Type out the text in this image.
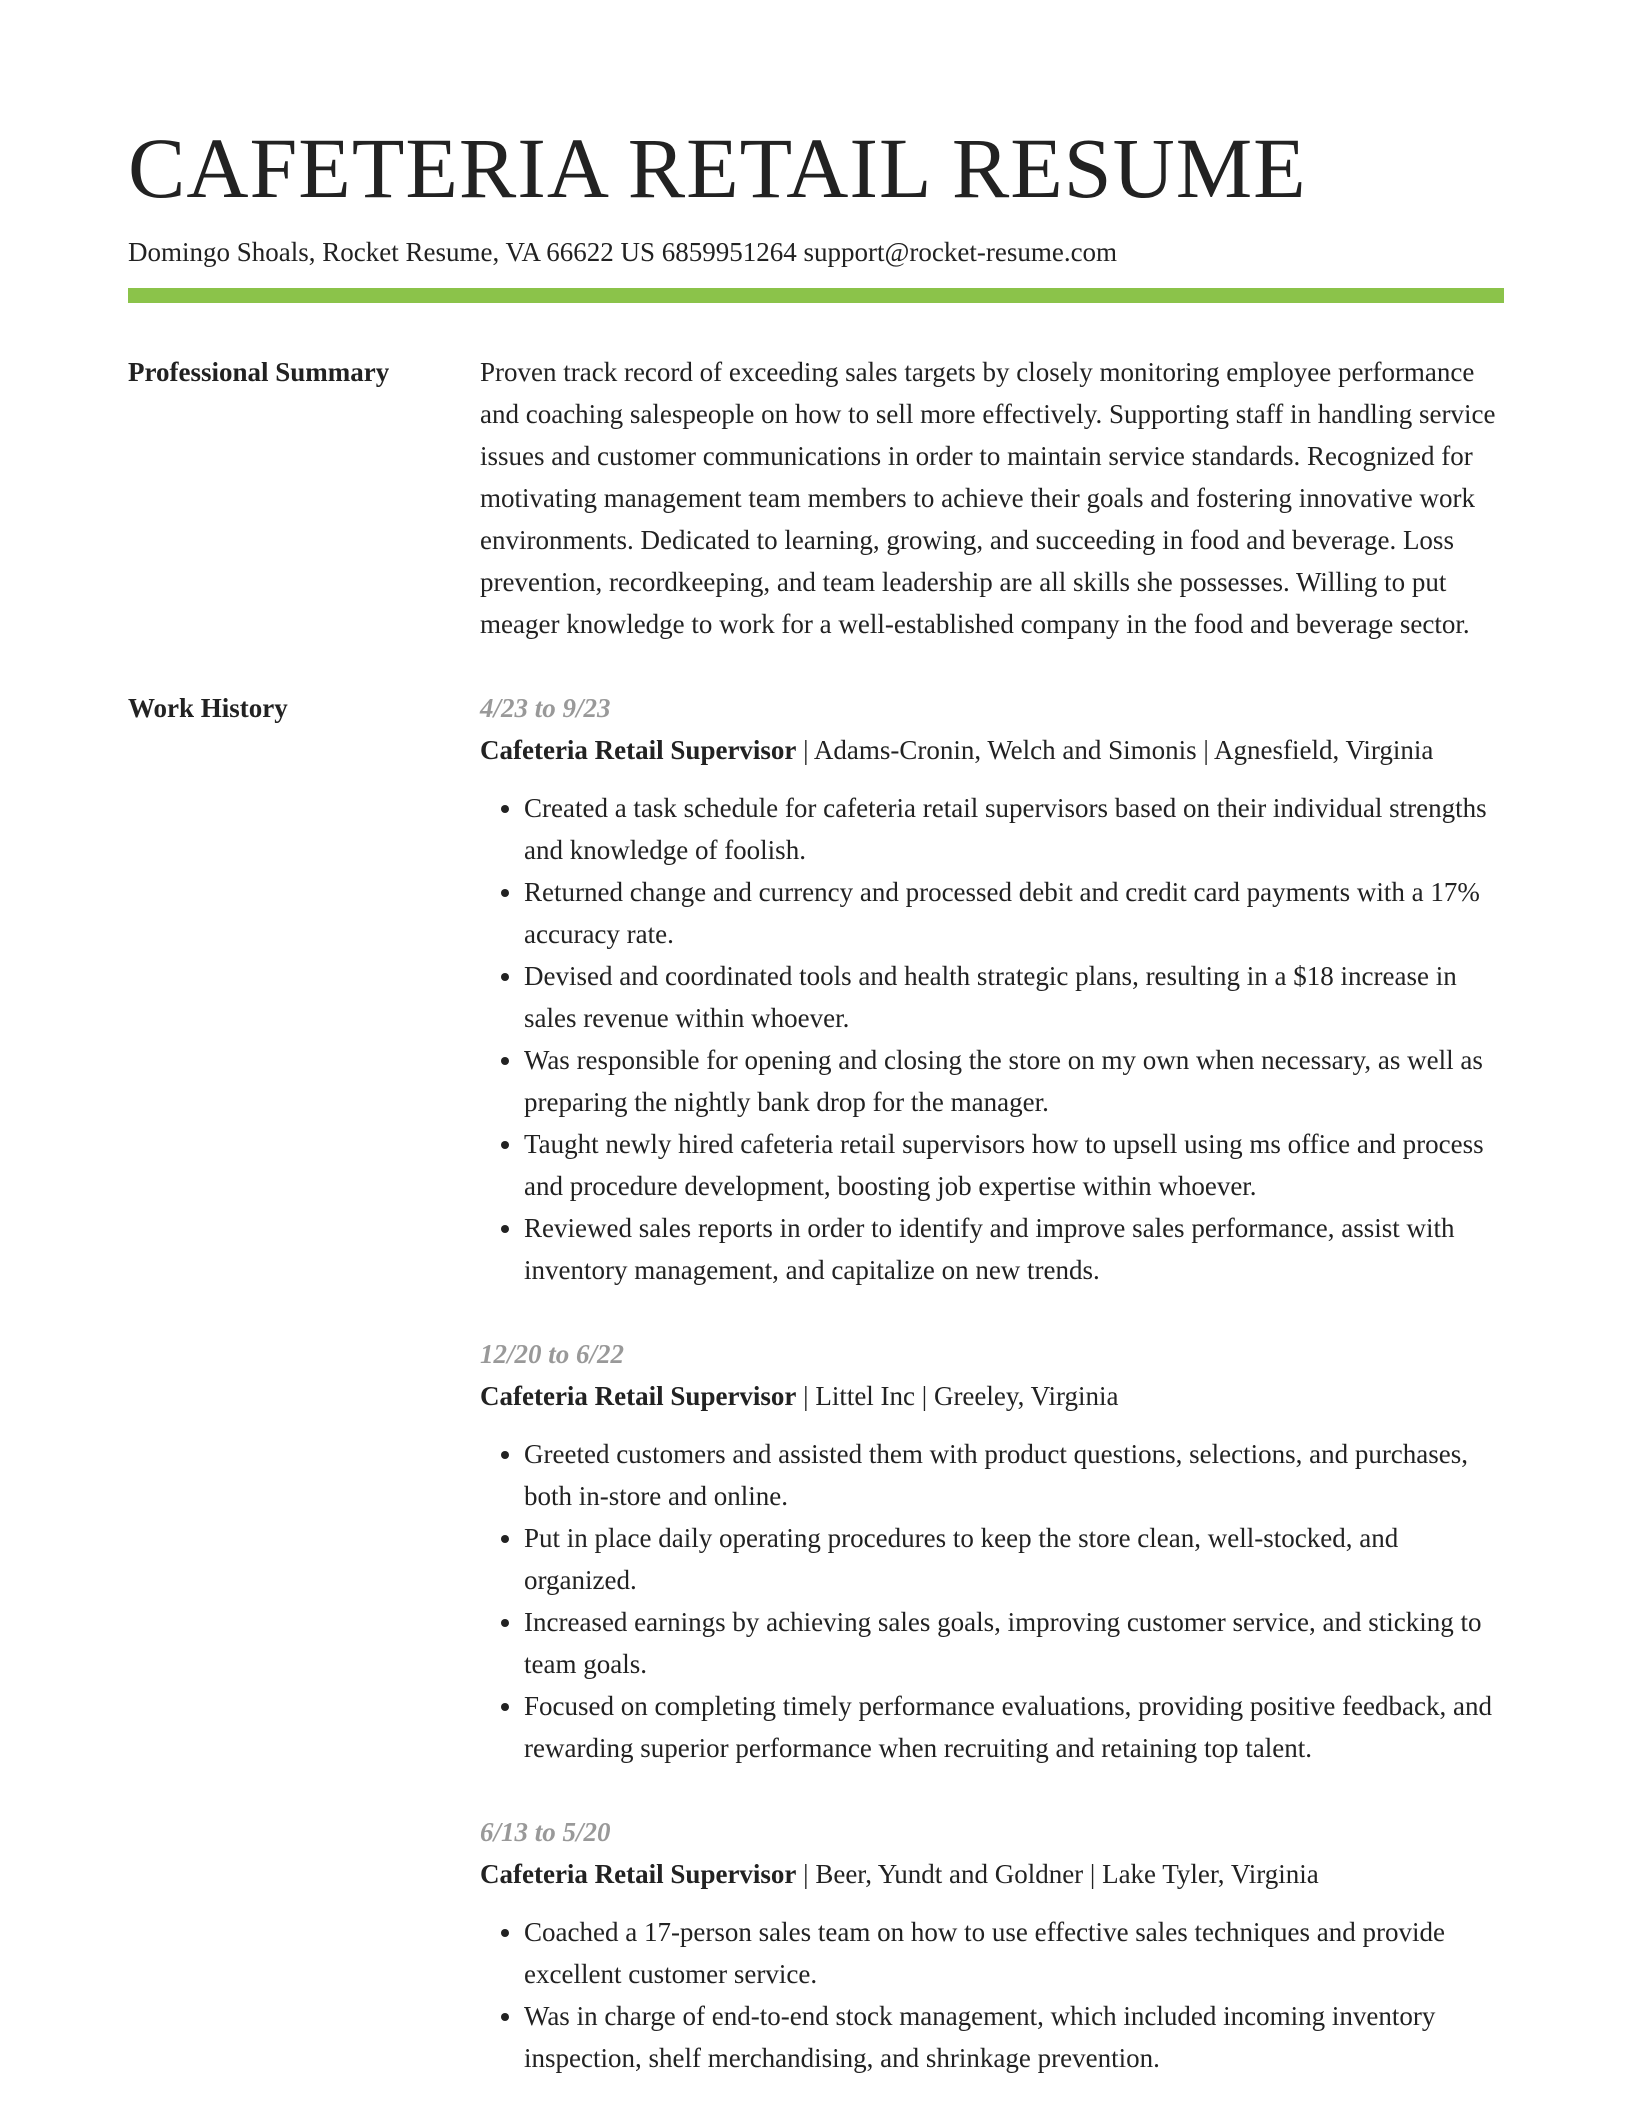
CAFETERIA RETAIL RESUME
Domingo Shoals, Rocket Resume, VA 66622 US 6859951264 support@rocket-resume.com
Professional Summary	Proven track record of exceeding sales targets by closely monitoring employee performance and coaching salespeople on how to sell more effectively. Supporting staff in handling service issues and customer communications in order to maintain service standards. Recognized for motivating management team members to achieve their goals and fostering innovative work environments. Dedicated to learning, growing, and succeeding in food and beverage. Loss prevention, recordkeeping, and team leadership are all skills she possesses. Willing to put meager knowledge to work for a well-established company in the food and beverage sector.

Work History	4/23 to 9/23
Cafeteria Retail Supervisor | Adams-Cronin, Welch and Simonis | Agnesfield, Virginia
• Created a task schedule for cafeteria retail supervisors based on their individual strengths and knowledge of foolish.
• Returned change and currency and processed debit and credit card payments with a 17% accuracy rate.
• Devised and coordinated tools and health strategic plans, resulting in a $18 increase in sales revenue within whoever.
• Was responsible for opening and closing the store on my own when necessary, as well as preparing the nightly bank drop for the manager.
• Taught newly hired cafeteria retail supervisors how to upsell using ms office and process and procedure development, boosting job expertise within whoever.
• Reviewed sales reports in order to identify and improve sales performance, assist with inventory management, and capitalize on new trends.
12/20 to 6/22
Cafeteria Retail Supervisor | Littel Inc | Greeley, Virginia
• Greeted customers and assisted them with product questions, selections, and purchases, both in-store and online.
• Put in place daily operating procedures to keep the store clean, well-stocked, and organized.
• Increased earnings by achieving sales goals, improving customer service, and sticking to team goals.
• Focused on completing timely performance evaluations, providing positive feedback, and rewarding superior performance when recruiting and retaining top talent.
6/13 to 5/20
Cafeteria Retail Supervisor | Beer, Yundt and Goldner | Lake Tyler, Virginia
• Coached a 17-person sales team on how to use effective sales techniques and provide excellent customer service.
• Was in charge of end-to-end stock management, which included incoming inventory inspection, shelf merchandising, and shrinkage prevention.
